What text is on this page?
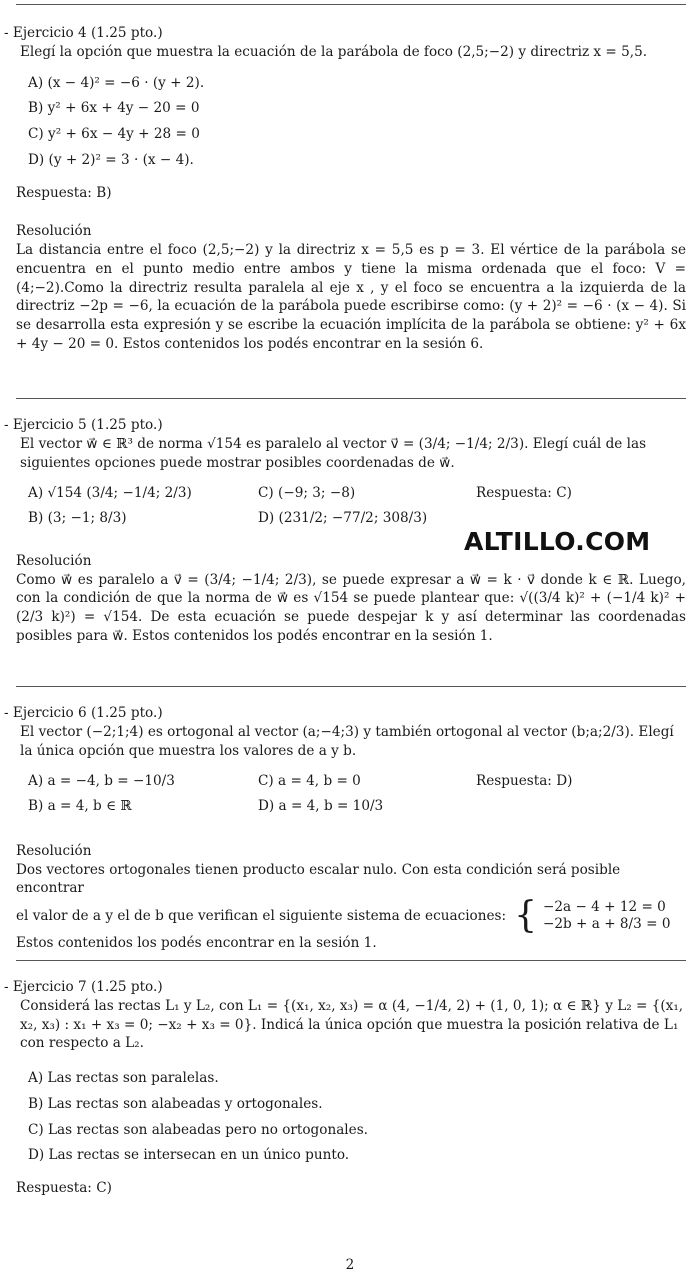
- Ejercicio 4 (1.25 pto.)

Elegí la opción que muestra la ecuación de la parábola de foco (2,5;−2) y directriz x = 5,5.

A) (x − 4)² = −6 · (y + 2).
B) y² + 6x + 4y − 20 = 0
C) y² + 6x − 4y + 28 = 0
D) (y + 2)² = 3 · (x − 4).

Respuesta: B)

Resolución

La distancia entre el foco (2,5;−2) y la directriz x = 5,5 es p = 3. El vértice de la parábola se encuentra en el punto medio entre ambos y tiene la misma ordenada que el foco: V = (4;−2).Como la directriz resulta paralela al eje x , y el foco se encuentra a la izquierda de la directriz −2p = −6, la ecuación de la parábola puede escribirse como: (y + 2)² = −6 · (x − 4). Si se desarrolla esta expresión y se escribe la ecuación implícita de la parábola se obtiene: y² + 6x + 4y − 20 = 0. Estos contenidos los podés encontrar en la sesión 6.

- Ejercicio 5 (1.25 pto.)

El vector w⃗ ∈ ℝ³ de norma √154 es paralelo al vector v⃗ = (3/4; −1/4; 2/3). Elegí cuál de las siguientes opciones puede mostrar posibles coordenadas de w⃗.

A) √154 (3/4; −1/4; 2/3)	C) (−9; 3; −8)	Respuesta: C)
B) (3; −1; 8/3)	D) (231/2; −77/2; 308/3)

Resolución

Como w⃗ es paralelo a v⃗ = (3/4; −1/4; 2/3), se puede expresar a w⃗ = k · v⃗ donde k ∈ ℝ. Luego, con la condición de que la norma de w⃗ es √154 se puede plantear que: √((3/4 k)² + (−1/4 k)² + (2/3 k)²) = √154. De esta ecuación se puede despejar k y así determinar las coordenadas posibles para w⃗. Estos contenidos los podés encontrar en la sesión 1.

ALTILLO.COM

- Ejercicio 6 (1.25 pto.)

El vector (−2;1;4) es ortogonal al vector (a;−4;3) y también ortogonal al vector (b;a;2/3). Elegí la única opción que muestra los valores de a y b.

A) a = −4, b = −10/3	C) a = 4, b = 0	Respuesta: D)
B) a = 4, b ∈ ℝ	D) a = 4, b = 10/3

Resolución

Dos vectores ortogonales tienen producto escalar nulo. Con esta condición será posible encontrar

el valor de a y el de b que verifican el siguiente sistema de ecuaciones: { −2a − 4 + 12 = 0
−2b + a + 8/3 = 0

Estos contenidos los podés encontrar en la sesión 1.

- Ejercicio 7 (1.25 pto.)

Considerá las rectas L₁ y L₂, con L₁ = {(x₁, x₂, x₃) = α (4, −1/4, 2) + (1, 0, 1); α ∈ ℝ} y L₂ = {(x₁, x₂, x₃) : x₁ + x₃ = 0; −x₂ + x₃ = 0}. Indicá la única opción que muestra la posición relativa de L₁ con respecto a L₂.

A) Las rectas son paralelas.
B) Las rectas son alabeadas y ortogonales.
C) Las rectas son alabeadas pero no ortogonales.
D) Las rectas se intersecan en un único punto.

Respuesta: C)

2
